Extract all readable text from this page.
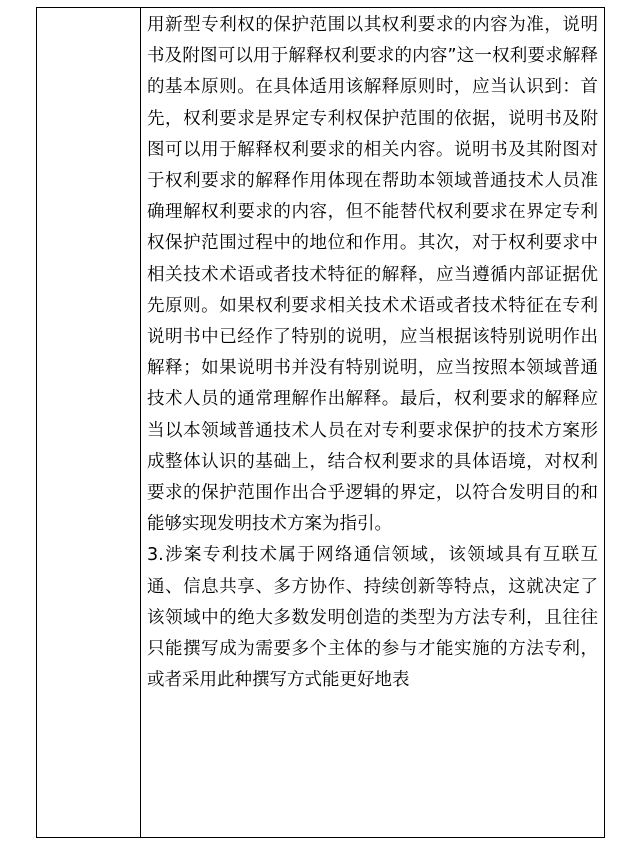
用新型专利权的保护范围以其权利要求的内容为准，说明书及附图可以用于解释权利要求的内容”这一权利要求解释的基本原则。在具体适用该解释原则时，应当认识到：首先，权利要求是界定专利权保护范围的依据，说明书及附图可以用于解释权利要求的相关内容。说明书及其附图对于权利要求的解释作用体现在帮助本领域普通技术人员准确理解权利要求的内容，但不能替代权利要求在界定专利权保护范围过程中的地位和作用。其次，对于权利要求中相关技术术语或者技术特征的解释，应当遵循内部证据优先原则。如果权利要求相关技术术语或者技术特征在专利说明书中已经作了特别的说明，应当根据该特别说明作出解释；如果说明书并没有特别说明，应当按照本领域普通技术人员的通常理解作出解释。最后，权利要求的解释应当以本领域普通技术人员在对专利要求保护的技术方案形成整体认识的基础上，结合权利要求的具体语境，对权利要求的保护范围作出合乎逻辑的界定，以符合发明目的和能够实现发明技术方案为指引。

3.涉案专利技术属于网络通信领域，该领域具有互联互通、信息共享、多方协作、持续创新等特点，这就决定了该领域中的绝大多数发明创造的类型为方法专利，且往往只能撰写成为需要多个主体的参与才能实施的方法专利，或者采用此种撰写方式能更好地表
